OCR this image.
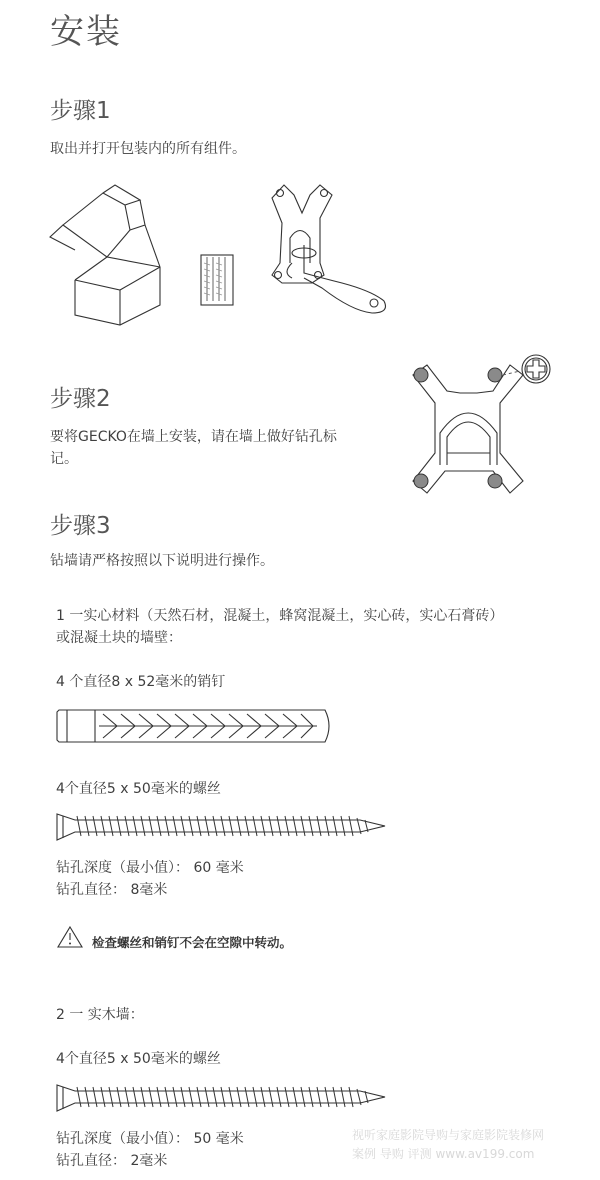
安装
步骤1
取出并打开包装内的所有组件。
步骤2
要将GECKO在墙上安装，请在墙上做好钻孔标
记。
步骤3
钻墙请严格按照以下说明进行操作。
1 一实心材料（天然石材，混凝土，蜂窝混凝土，实心砖，实心石膏砖）
或混凝土块的墙壁：
4 个直径8 x 52毫米的销钉
4个直径5 x 50毫米的螺丝
钻孔深度（最小值）： 60 毫米
钻孔直径： 8毫米
检查螺丝和销钉不会在空隙中转动。
2 一 实木墙：
4个直径5 x 50毫米的螺丝
钻孔深度（最小值）： 50 毫米
钻孔直径： 2毫米
视听家庭影院导购与家庭影院装修网
案例 导购 评测 www.av199.com
